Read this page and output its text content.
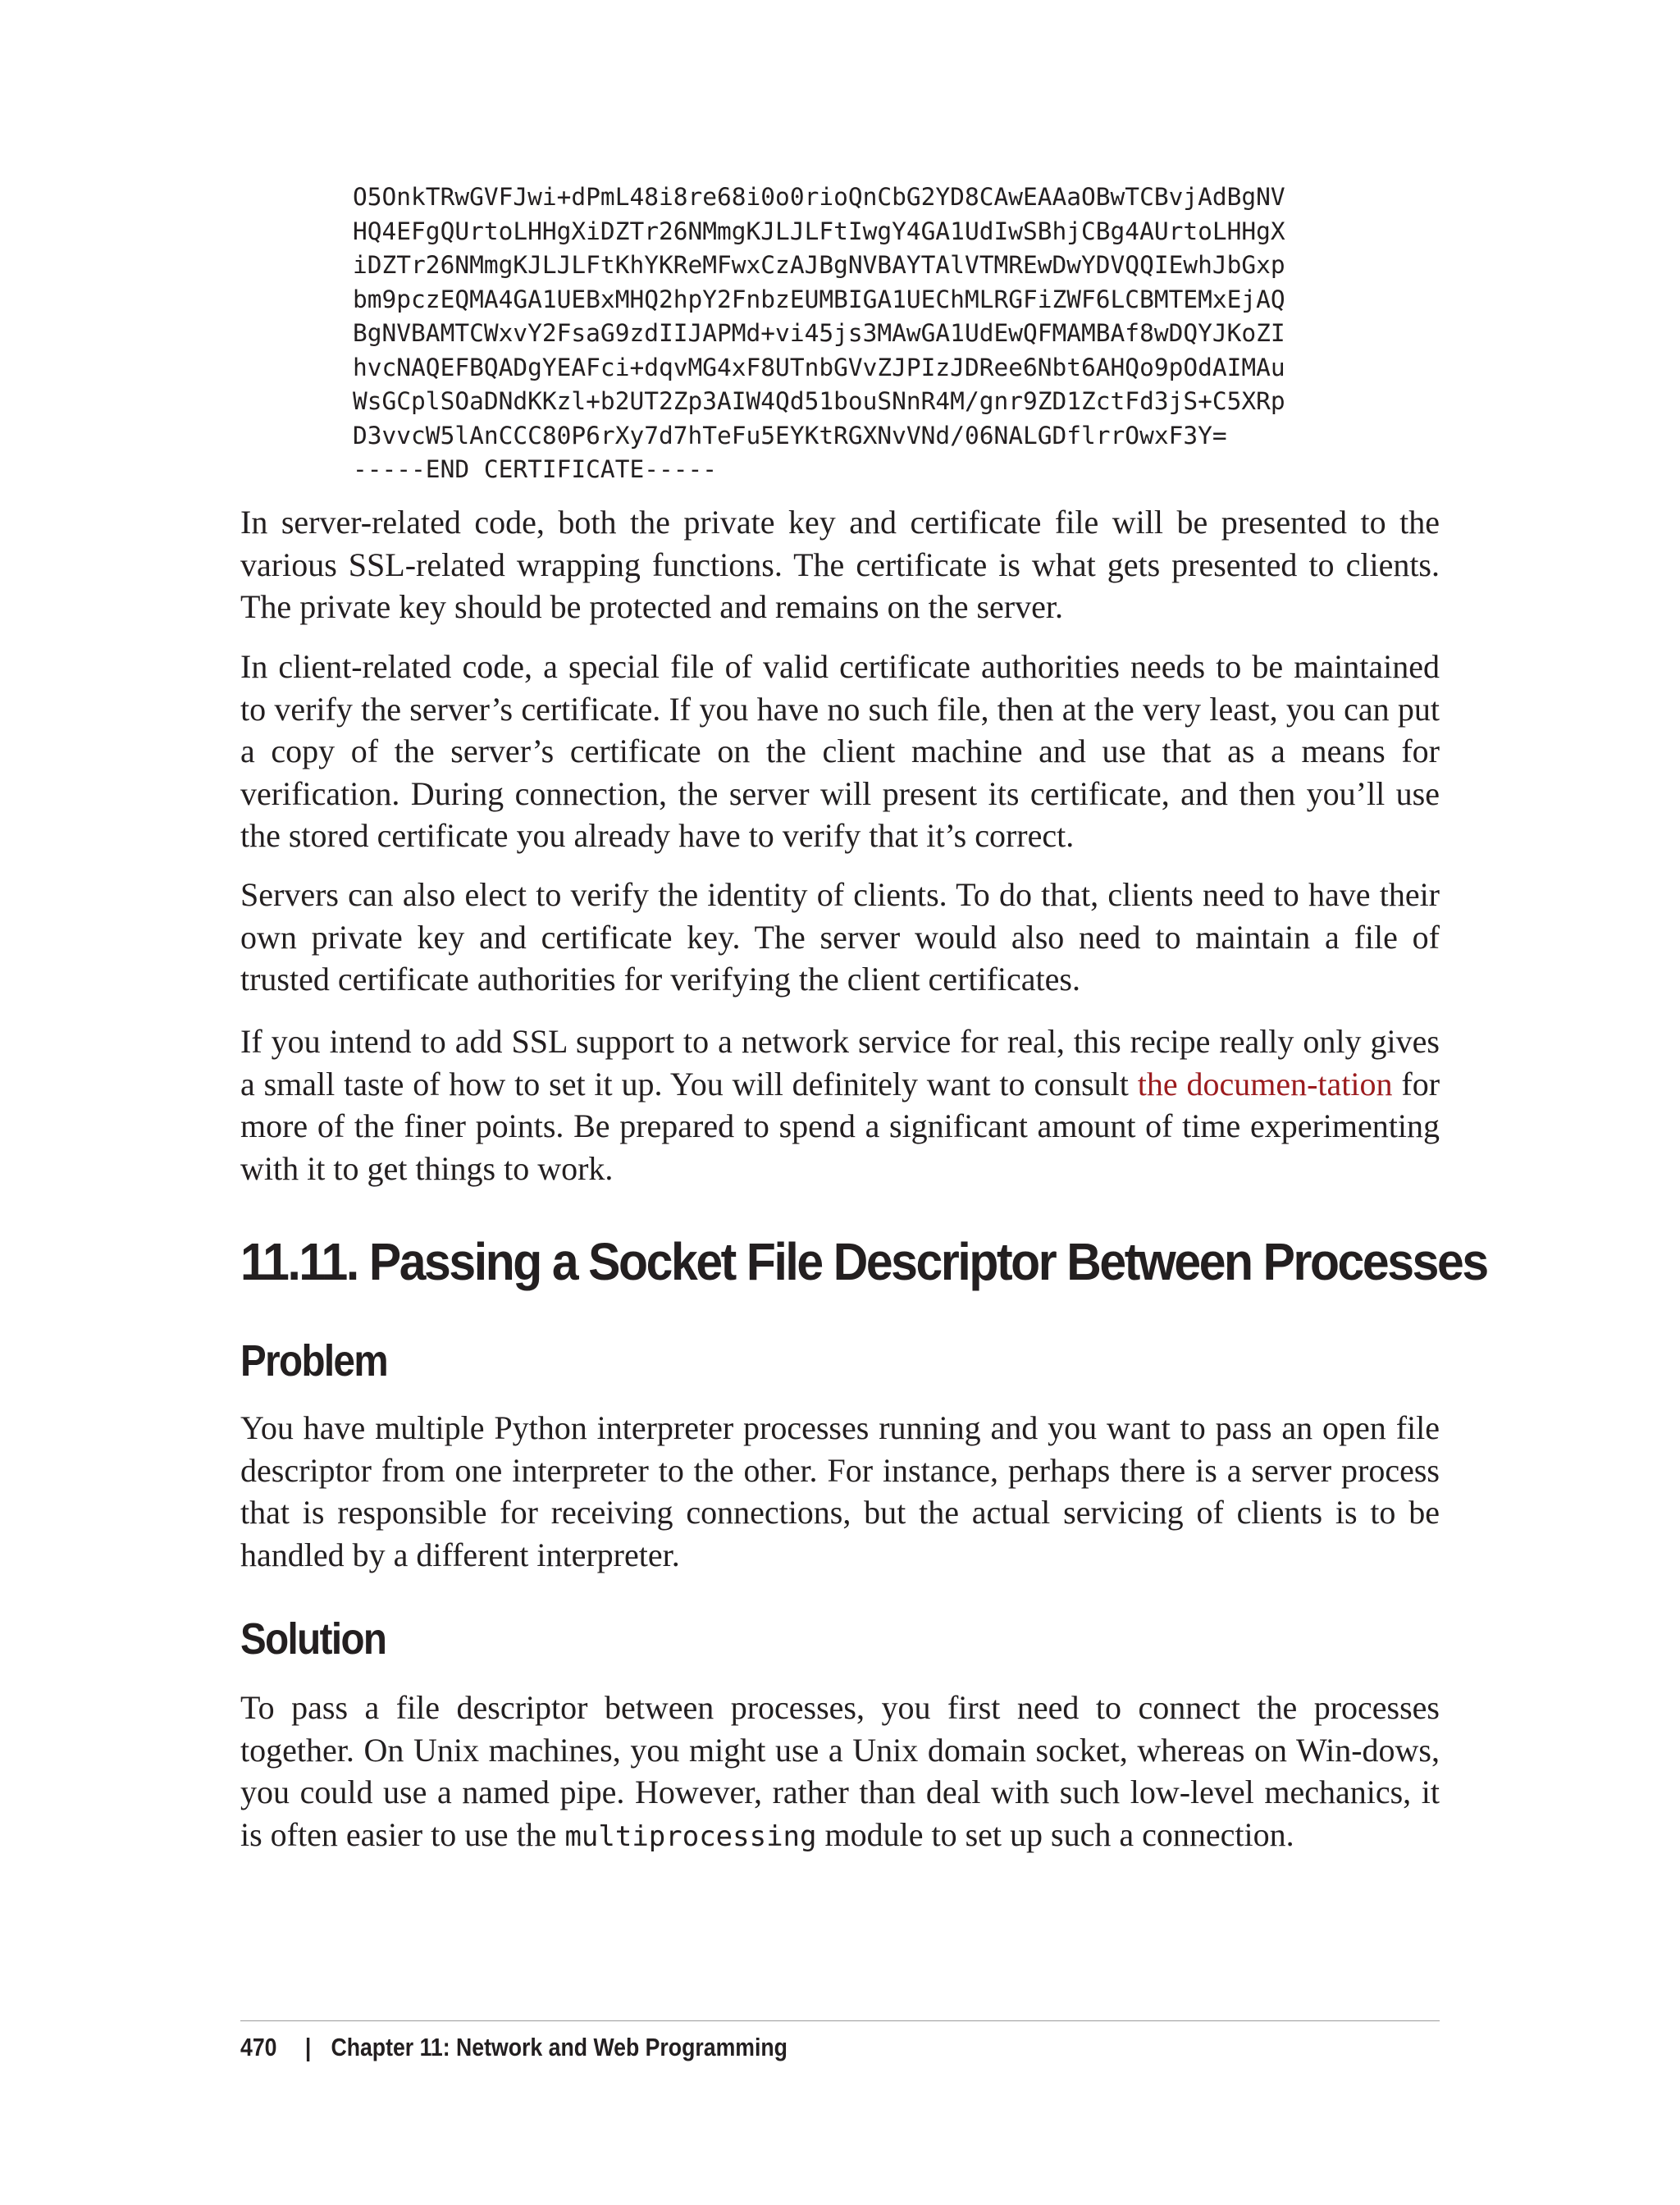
O5OnkTRwGVFJwi+dPmL48i8re68i0o0rioQnCbG2YD8CAwEAAaOBwTCBvjAdBgNV
HQ4EFgQUrtoLHHgXiDZTr26NMmgKJLJLFtIwgY4GA1UdIwSBhjCBg4AUrtoLHHgX
iDZTr26NMmgKJLJLFtKhYKReMFwxCzAJBgNVBAYTAlVTMREwDwYDVQQIEwhJbGxp
bm9pczEQMA4GA1UEBxMHQ2hpY2FnbzEUMBIGA1UEChMLRGFiZWF6LCBMTEMxEjAQ
BgNVBAMTCWxvY2FsaG9zdIIJAPMd+vi45js3MAwGA1UdEwQFMAMBAf8wDQYJKoZI
hvcNAQEFBQADgYEAFci+dqvMG4xF8UTnbGVvZJPIzJDRee6Nbt6AHQo9pOdAIMAu
WsGCplSOaDNdKKzl+b2UT2Zp3AIW4Qd51bouSNnR4M/gnr9ZD1ZctFd3jS+C5XRp
D3vvcW5lAnCCC80P6rXy7d7hTeFu5EYKtRGXNvVNd/06NALGDflrrOwxF3Y=
-----END CERTIFICATE-----

In server-related code, both the private key and certificate file will be presented to the various SSL-related wrapping functions. The certificate is what gets presented to clients. The private key should be protected and remains on the server.

In client-related code, a special file of valid certificate authorities needs to be maintained to verify the server’s certificate. If you have no such file, then at the very least, you can put a copy of the server’s certificate on the client machine and use that as a means for verification. During connection, the server will present its certificate, and then you’ll use the stored certificate you already have to verify that it’s correct.

Servers can also elect to verify the identity of clients. To do that, clients need to have their own private key and certificate key. The server would also need to maintain a file of trusted certificate authorities for verifying the client certificates.

If you intend to add SSL support to a network service for real, this recipe really only gives a small taste of how to set it up. You will definitely want to consult the documen-tation for more of the finer points. Be prepared to spend a significant amount of time experimenting with it to get things to work.

11.11. Passing a Socket File Descriptor Between Processes
Problem

You have multiple Python interpreter processes running and you want to pass an open file descriptor from one interpreter to the other. For instance, perhaps there is a server process that is responsible for receiving connections, but the actual servicing of clients is to be handled by a different interpreter.

Solution

To pass a file descriptor between processes, you first need to connect the processes together. On Unix machines, you might use a Unix domain socket, whereas on Win-dows, you could use a named pipe. However, rather than deal with such low-level mechanics, it is often easier to use the multiprocessing module to set up such a connection.

470 | Chapter 11: Network and Web Programming
